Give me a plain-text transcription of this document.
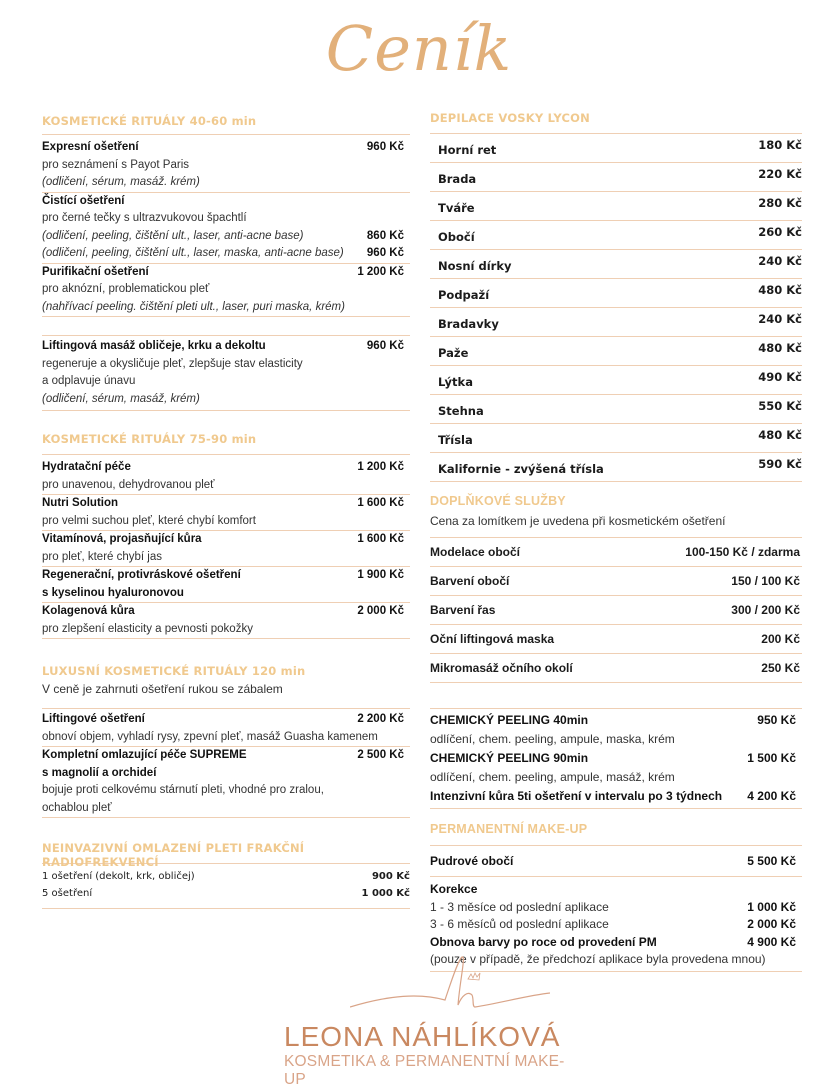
Ceník
KOSMETICKÉ RITUÁLY 40-60 min
Expresní ošetření	960 Kč
pro seznámení s Payot Paris
(odličení, sérum, masáž. krém)
Čistící ošetření
pro černé tečky s ultrazvukovou špachtlí
(odličení, peeling, čištění ult., laser, anti-acne base)	860 Kč
(odličení, peeling, čištění ult., laser, maska, anti-acne base) 960 Kč
Purifikační ošetření	1 200 Kč
pro aknózní, problematickou pleť
(nahřívací peeling. čištění pleti ult., laser, puri maska, krém)
Liftingová masáž obličeje, krku a dekoltu	960 Kč
regeneruje a okysličuje pleť, zlepšuje stav elasticity
a odplavuje únavu
(odličení, sérum, masáž, krém)
KOSMETICKÉ RITUÁLY 75-90 min
Hydratační péče	1 200 Kč
pro unavenou, dehydrovanou pleť
Nutri Solution	1 600 Kč
pro velmi suchou pleť, které chybí komfort
Vitamínová, projasňující kůra	1 600 Kč
pro pleť, které chybí jas
Regenerační, protivráskové ošetření	1 900 Kč
s kyselinou hyaluronovou
Kolagenová kůra	2 000 Kč
pro zlepšení elasticity a pevnosti pokožky
LUXUSNÍ KOSMETICKÉ RITUÁLY 120 min
V ceně je zahrnuti ošetření rukou se zábalem
Liftingové ošetření	2 200 Kč
obnoví objem, vyhladí rysy, zpevní pleť, masáž Guasha kamenem
Kompletní omlazující péče SUPREME	2 500 Kč
s magnolií a orchideí
bojuje proti celkovému stárnutí pleti, vhodné pro zralou,
ochablou pleť
NEINVAZIVNÍ OMLAZENÍ PLETI FRAKČNÍ RADIOFREKVENCÍ
1 ošetření (dekolt, krk, obličej)	900 Kč
5 ošetření	1 000 Kč
DEPILACE VOSKY LYCON
Horní ret	180 Kč
Brada	220 Kč
Tváře	280 Kč
Obočí	260 Kč
Nosní dírky	240 Kč
Podpaží	480 Kč
Bradavky	240 Kč
Paže	480 Kč
Lýtka	490 Kč
Stehna	550 Kč
Třísla	480 Kč
Kalifornie - zvýšená třísla	590 Kč
DOPLŇKOVÉ SLUŽBY
Cena za lomítkem je uvedena při kosmetickém ošetření
Modelace obočí	100-150 Kč / zdarma
Barvení obočí	150 / 100 Kč
Barvení řas	300 / 200 Kč
Oční liftingová maska	200 Kč
Mikromasáž očního okolí	250 Kč
CHEMICKÝ PEELING 40min	950 Kč
odlíčení, chem. peeling, ampule, maska, krém
CHEMICKÝ PEELING 90min	1 500 Kč
odlíčení, chem. peeling, ampule, masáž, krém
Intenzivní kůra 5ti ošetření v intervalu po 3 týdnech	4 200 Kč
PERMANENTNÍ MAKE-UP
Pudrové obočí	5 500 Kč
Korekce
1 - 3 měsíce od poslední aplikace	1 000 Kč
3 - 6 měsíců od poslední aplikace	2 000 Kč
Obnova barvy po roce od provedení PM	4 900 Kč
(pouze v případě, že předchozí aplikace byla provedena mnou)
LEONA NÁHLÍKOVÁ
KOSMETIKA & PERMANENTNÍ MAKE-UP
